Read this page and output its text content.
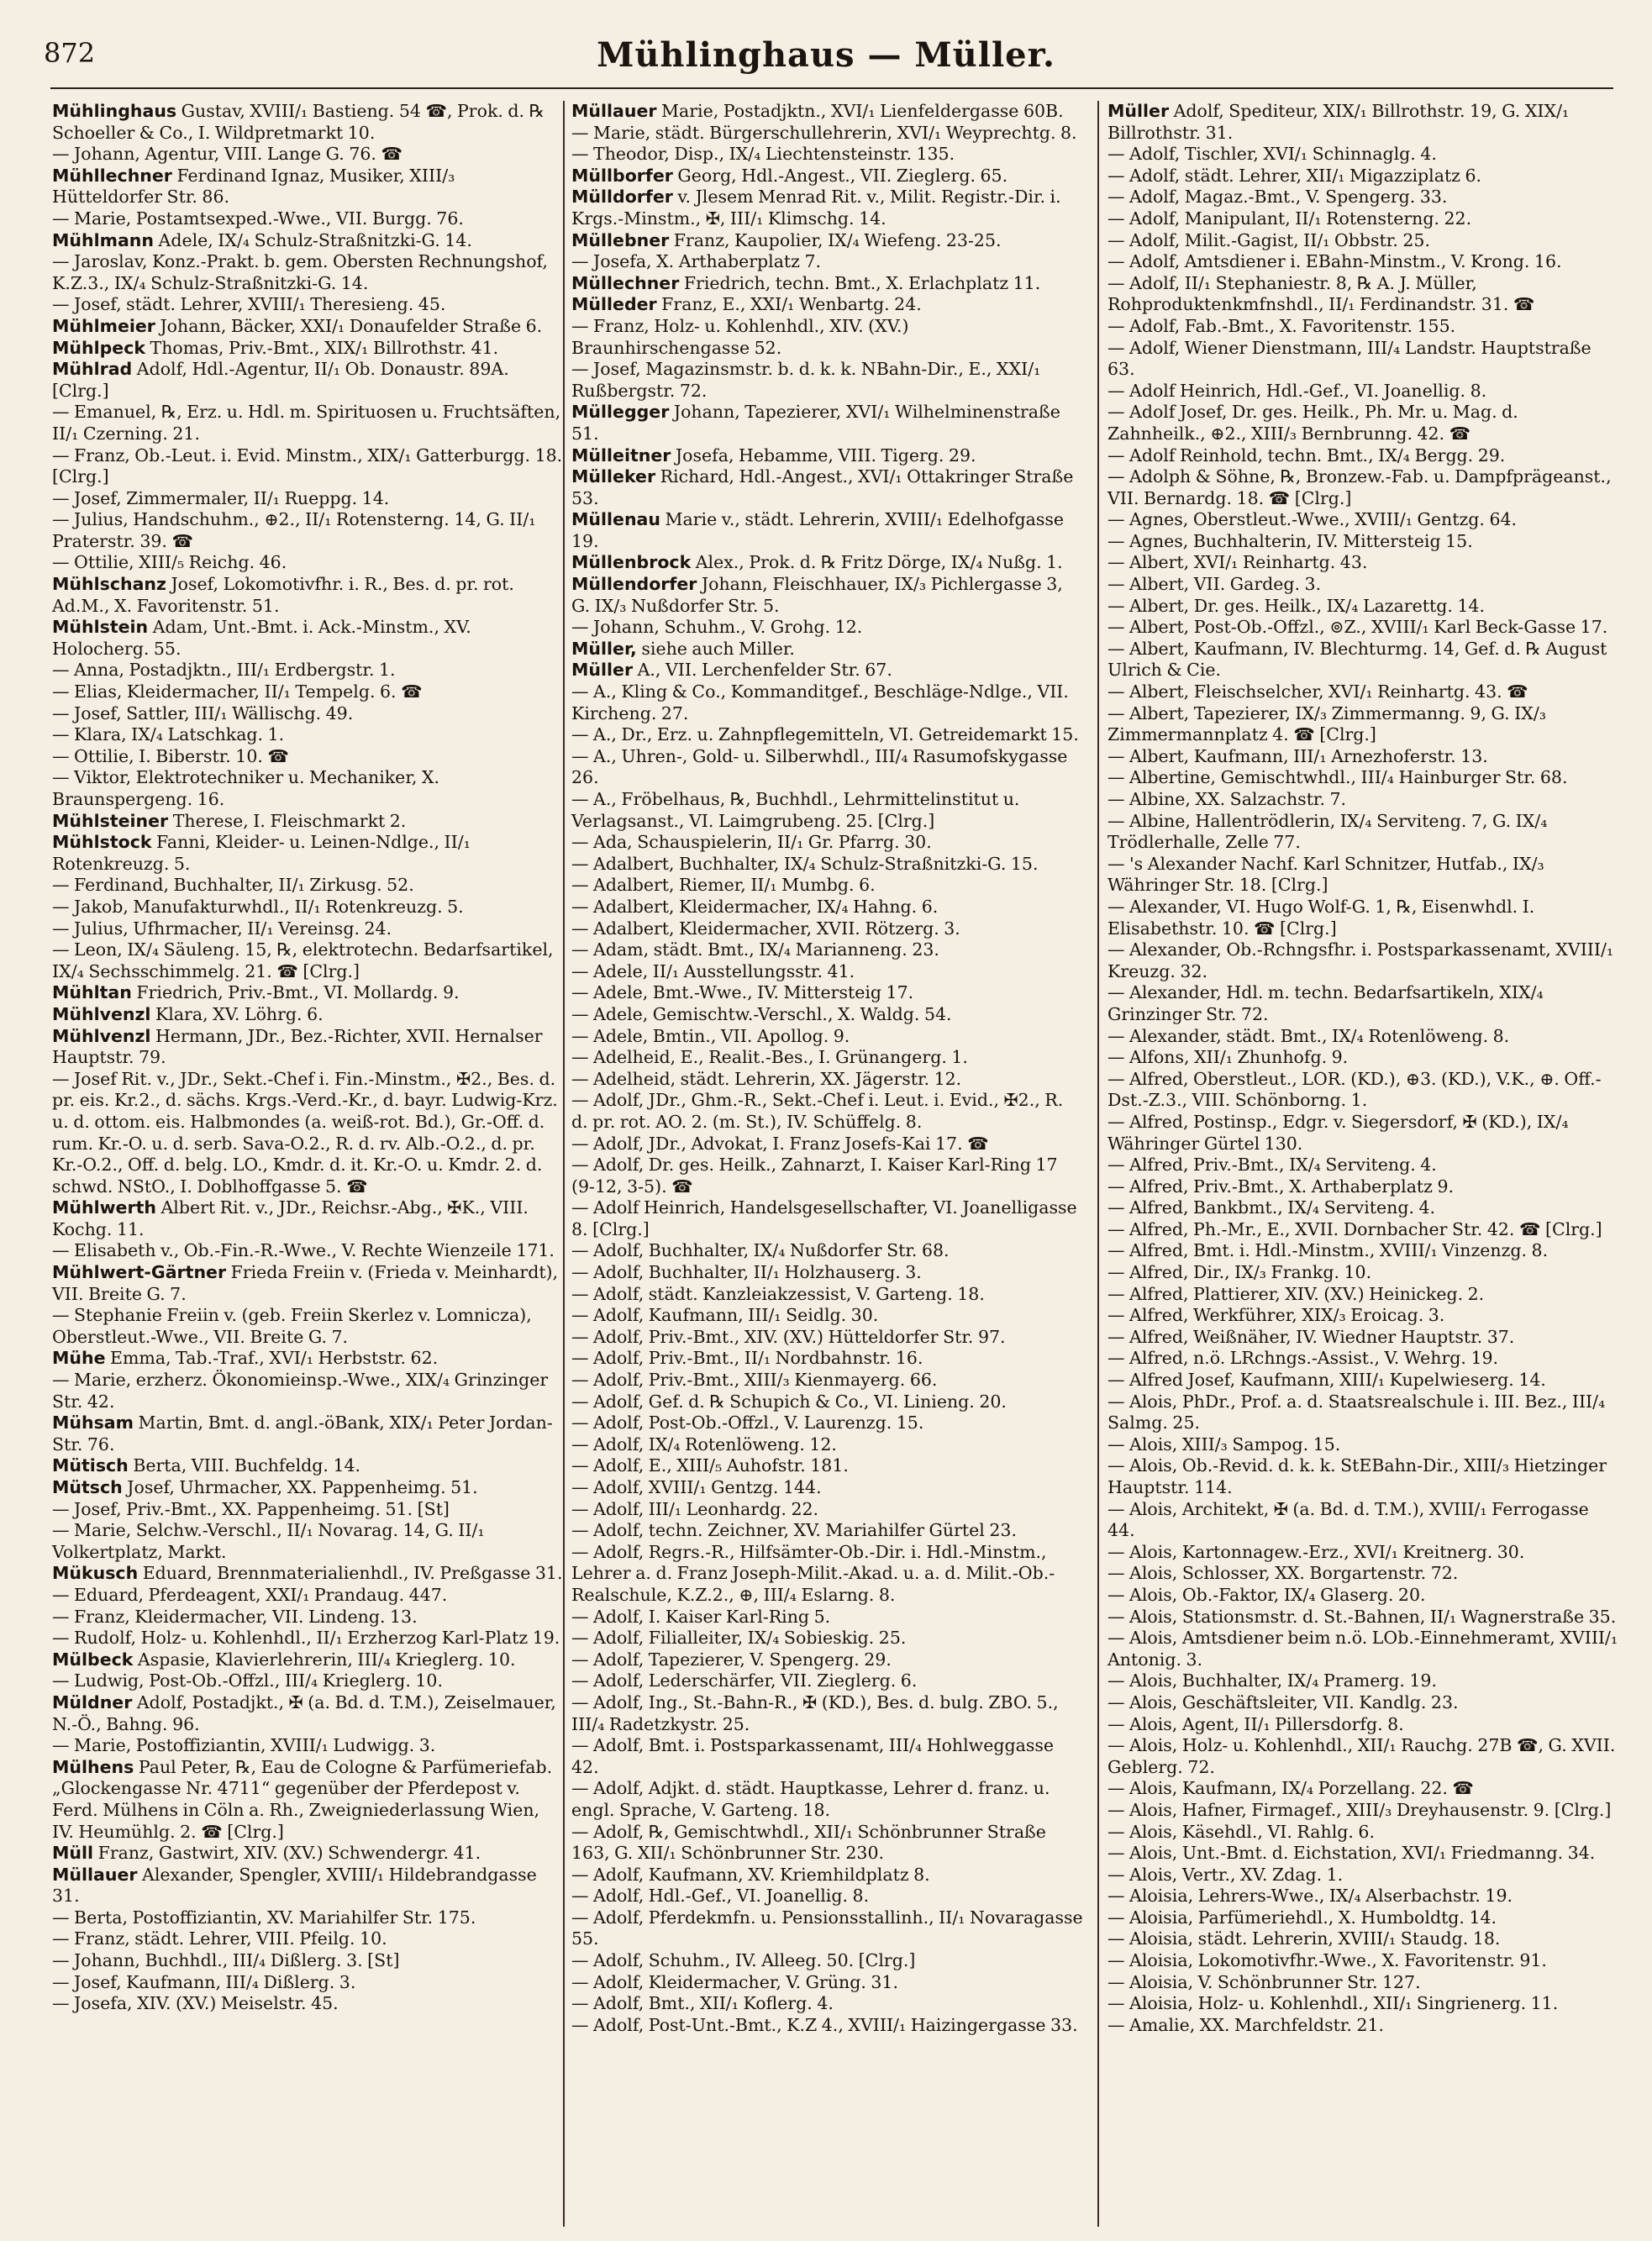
872	Mühlinghaus — Müller.
Mühlinghaus Gustav, XVIII/₁ Bastieng. 54 ☎, Prok. d. ℞ Schoeller & Co., I. Wildpretmarkt 10.
— Johann, Agentur, VIII. Lange G. 76. ☎
Mühllechner Ferdinand Ignaz, Musiker, XIII/₃ Hütteldorfer Str. 86.
— Marie, Postamtsexped.-Wwe., VII. Burgg. 76.
Mühlmann Adele, IX/₄ Schulz-Straßnitzki-G. 14.
— Jaroslav, Konz.-Prakt. b. gem. Obersten Rechnungshof, K.Z.3., IX/₄ Schulz-Straßnitzki-G. 14.
— Josef, städt. Lehrer, XVIII/₁ Theresieng. 45.
Mühlmeier Johann, Bäcker, XXI/₁ Donaufelder Straße 6.
Mühlpeck Thomas, Priv.-Bmt., XIX/₁ Billrothstr. 41.
Mühlrad Adolf, Hdl.-Agentur, II/₁ Ob. Donaustr. 89A. [Clrg.]
— Emanuel, ℞, Erz. u. Hdl. m. Spirituosen u. Fruchtsäften, II/₁ Czerning. 21.
— Franz, Ob.-Leut. i. Evid. Minstm., XIX/₁ Gatterburgg. 18. [Clrg.]
— Josef, Zimmermaler, II/₁ Rueppg. 14.
— Julius, Handschuhm., ⊕2., II/₁ Rotensterng. 14, G. II/₁ Praterstr. 39. ☎
— Ottilie, XIII/₅ Reichg. 46.
Mühlschanz Josef, Lokomotivfhr. i. R., Bes. d. pr. rot. Ad.M., X. Favoritenstr. 51.
Mühlstein Adam, Unt.-Bmt. i. Ack.-Minstm., XV. Holocherg. 55.
— Anna, Postadjktn., III/₁ Erdbergstr. 1.
— Elias, Kleidermacher, II/₁ Tempelg. 6. ☎
— Josef, Sattler, III/₁ Wällischg. 49.
— Klara, IX/₄ Latschkag. 1.
— Ottilie, I. Biberstr. 10. ☎
— Viktor, Elektrotechniker u. Mechaniker, X. Braunspergeng. 16.
Mühlsteiner Therese, I. Fleischmarkt 2.
Mühlstock Fanni, Kleider- u. Leinen-Ndlge., II/₁ Rotenkreuzg. 5.
— Ferdinand, Buchhalter, II/₁ Zirkusg. 52.
— Jakob, Manufakturwhdl., II/₁ Rotenkreuzg. 5.
— Julius, Ufhrmacher, II/₁ Vereinsg. 24.
— Leon, IX/₄ Säuleng. 15, ℞, elektrotechn. Bedarfsartikel, IX/₄ Sechsschimmelg. 21. ☎ [Clrg.]
Mühltan Friedrich, Priv.-Bmt., VI. Mollardg. 9.
Mühlvenzl Klara, XV. Löhrg. 6.
Mühlvenzl Hermann, JDr., Bez.-Richter, XVII. Hernalser Hauptstr. 79.
— Josef Rit. v., JDr., Sekt.-Chef i. Fin.-Minstm., ✠2., Bes. d. pr. eis. Kr.2., d. sächs. Krgs.-Verd.-Kr., d. bayr. Ludwig-Krz. u. d. ottom. eis. Halbmondes (a. weiß-rot. Bd.), Gr.-Off. d. rum. Kr.-O. u. d. serb. Sava-O.2., R. d. rv. Alb.-O.2., d. pr. Kr.-O.2., Off. d. belg. LO., Kmdr. d. it. Kr.-O. u. Kmdr. 2. d. schwd. NStO., I. Doblhoffgasse 5. ☎
Mühlwerth Albert Rit. v., JDr., Reichsr.-Abg., ✠K., VIII. Kochg. 11.
— Elisabeth v., Ob.-Fin.-R.-Wwe., V. Rechte Wienzeile 171.
Mühlwert-Gärtner Frieda Freiin v. (Frieda v. Meinhardt), VII. Breite G. 7.
— Stephanie Freiin v. (geb. Freiin Skerlez v. Lomnicza), Oberstleut.-Wwe., VII. Breite G. 7.
Mühe Emma, Tab.-Traf., XVI/₁ Herbststr. 62.
— Marie, erzherz. Ökonomieinsp.-Wwe., XIX/₄ Grinzinger Str. 42.
Mühsam Martin, Bmt. d. angl.-öBank, XIX/₁ Peter Jordan-Str. 76.
Mütisch Berta, VIII. Buchfeldg. 14.
Mütsch Josef, Uhrmacher, XX. Pappenheimg. 51.
— Josef, Priv.-Bmt., XX. Pappenheimg. 51. [St]
— Marie, Selchw.-Verschl., II/₁ Novarag. 14, G. II/₁ Volkertplatz, Markt.
Mükusch Eduard, Brennmaterialienhdl., IV. Preßgasse 31.
— Eduard, Pferdeagent, XXI/₁ Prandaug. 447.
— Franz, Kleidermacher, VII. Lindeng. 13.
— Rudolf, Holz- u. Kohlenhdl., II/₁ Erzherzog Karl-Platz 19.
Mülbeck Aspasie, Klavierlehrerin, III/₄ Krieglerg. 10.
— Ludwig, Post-Ob.-Offzl., III/₄ Krieglerg. 10.
Müldner Adolf, Postadjkt., ✠ (a. Bd. d. T.M.), Zeiselmauer, N.-Ö., Bahng. 96.
— Marie, Postoffiziantin, XVIII/₁ Ludwigg. 3.
Mülhens Paul Peter, ℞, Eau de Cologne & Parfümeriefab. „Glockengasse Nr. 4711“ gegenüber der Pferdepost v. Ferd. Mülhens in Cöln a. Rh., Zweigniederlassung Wien, IV. Heumühlg. 2. ☎ [Clrg.]
Müll Franz, Gastwirt, XIV. (XV.) Schwendergr. 41.
Müllauer Alexander, Spengler, XVIII/₁ Hildebrandgasse 31.
— Berta, Postoffiziantin, XV. Mariahilfer Str. 175.
— Franz, städt. Lehrer, VIII. Pfeilg. 10.
— Johann, Buchhdl., III/₄ Dißlerg. 3. [St]
— Josef, Kaufmann, III/₄ Dißlerg. 3.
— Josefa, XIV. (XV.) Meiselstr. 45.
Müllauer Marie, Postadjktn., XVI/₁ Lienfeldergasse 60B.
— Marie, städt. Bürgerschullehrerin, XVI/₁ Weyprechtg. 8.
— Theodor, Disp., IX/₄ Liechtensteinstr. 135.
Müllborfer Georg, Hdl.-Angest., VII. Zieglerg. 65.
Mülldorfer v. Jlesem Menrad Rit. v., Milit. Registr.-Dir. i. Krgs.-Minstm., ✠, III/₁ Klimschg. 14.
Müllebner Franz, Kaupolier, IX/₄ Wiefeng. 23-25.
— Josefa, X. Arthaberplatz 7.
Müllechner Friedrich, techn. Bmt., X. Erlachplatz 11.
Mülleder Franz, E., XXI/₁ Wenbartg. 24.
— Franz, Holz- u. Kohlenhdl., XIV. (XV.) Braunhirschengasse 52.
— Josef, Magazinsmstr. b. d. k. k. NBahn-Dir., E., XXI/₁ Rußbergstr. 72.
Müllegger Johann, Tapezierer, XVI/₁ Wilhelminenstraße 51.
Mülleitner Josefa, Hebamme, VIII. Tigerg. 29.
Mülleker Richard, Hdl.-Angest., XVI/₁ Ottakringer Straße 53.
Müllenau Marie v., städt. Lehrerin, XVIII/₁ Edelhofgasse 19.
Müllenbrock Alex., Prok. d. ℞ Fritz Dörge, IX/₄ Nußg. 1.
Müllendorfer Johann, Fleischhauer, IX/₃ Pichlergasse 3, G. IX/₃ Nußdorfer Str. 5.
— Johann, Schuhm., V. Grohg. 12.
Müller, siehe auch Miller.
Müller A., VII. Lerchenfelder Str. 67.
— A., Kling & Co., Kommanditgef., Beschläge-Ndlge., VII. Kircheng. 27.
— A., Dr., Erz. u. Zahnpflegemitteln, VI. Getreidemarkt 15.
— A., Uhren-, Gold- u. Silberwhdl., III/₄ Rasumofskygasse 26.
— A., Fröbelhaus, ℞, Buchhdl., Lehrmittelinstitut u. Verlagsanst., VI. Laimgrubeng. 25. [Clrg.]
— Ada, Schauspielerin, II/₁ Gr. Pfarrg. 30.
— Adalbert, Buchhalter, IX/₄ Schulz-Straßnitzki-G. 15.
— Adalbert, Riemer, II/₁ Mumbg. 6.
— Adalbert, Kleidermacher, IX/₄ Hahng. 6.
— Adalbert, Kleidermacher, XVII. Rötzerg. 3.
— Adam, städt. Bmt., IX/₄ Marianneng. 23.
— Adele, II/₁ Ausstellungsstr. 41.
— Adele, Bmt.-Wwe., IV. Mittersteig 17.
— Adele, Gemischtw.-Verschl., X. Waldg. 54.
— Adele, Bmtin., VII. Apollog. 9.
— Adelheid, E., Realit.-Bes., I. Grünangerg. 1.
— Adelheid, städt. Lehrerin, XX. Jägerstr. 12.
— Adolf, JDr., Ghm.-R., Sekt.-Chef i. Leut. i. Evid., ✠2., R. d. pr. rot. AO. 2. (m. St.), IV. Schüffelg. 8.
— Adolf, JDr., Advokat, I. Franz Josefs-Kai 17. ☎
— Adolf, Dr. ges. Heilk., Zahnarzt, I. Kaiser Karl-Ring 17 (9-12, 3-5). ☎
— Adolf Heinrich, Handelsgesellschafter, VI. Joanelligasse 8. [Clrg.]
— Adolf, Buchhalter, IX/₄ Nußdorfer Str. 68.
— Adolf, Buchhalter, II/₁ Holzhauserg. 3.
— Adolf, städt. Kanzleiakzessist, V. Garteng. 18.
— Adolf, Kaufmann, III/₁ Seidlg. 30.
— Adolf, Priv.-Bmt., XIV. (XV.) Hütteldorfer Str. 97.
— Adolf, Priv.-Bmt., II/₁ Nordbahnstr. 16.
— Adolf, Priv.-Bmt., XIII/₃ Kienmayerg. 66.
— Adolf, Gef. d. ℞ Schupich & Co., VI. Linieng. 20.
— Adolf, Post-Ob.-Offzl., V. Laurenzg. 15.
— Adolf, IX/₄ Rotenlöweng. 12.
— Adolf, E., XIII/₅ Auhofstr. 181.
— Adolf, XVIII/₁ Gentzg. 144.
— Adolf, III/₁ Leonhardg. 22.
— Adolf, techn. Zeichner, XV. Mariahilfer Gürtel 23.
— Adolf, Regrs.-R., Hilfsämter-Ob.-Dir. i. Hdl.-Minstm., Lehrer a. d. Franz Joseph-Milit.-Akad. u. a. d. Milit.-Ob.-Realschule, K.Z.2., ⊕, III/₄ Eslarng. 8.
— Adolf, I. Kaiser Karl-Ring 5.
— Adolf, Filialleiter, IX/₄ Sobieskig. 25.
— Adolf, Tapezierer, V. Spengerg. 29.
— Adolf, Lederschärfer, VII. Zieglerg. 6.
— Adolf, Ing., St.-Bahn-R., ✠ (KD.), Bes. d. bulg. ZBO. 5., III/₄ Radetzkystr. 25.
— Adolf, Bmt. i. Postsparkassenamt, III/₄ Hohlweggasse 42.
— Adolf, Adjkt. d. städt. Hauptkasse, Lehrer d. franz. u. engl. Sprache, V. Garteng. 18.
— Adolf, ℞, Gemischtwhdl., XII/₁ Schönbrunner Straße 163, G. XII/₁ Schönbrunner Str. 230.
— Adolf, Kaufmann, XV. Kriemhildplatz 8.
— Adolf, Hdl.-Gef., VI. Joanellig. 8.
— Adolf, Pferdekmfn. u. Pensionsstallinh., II/₁ Novaragasse 55.
— Adolf, Schuhm., IV. Alleeg. 50. [Clrg.]
— Adolf, Kleidermacher, V. Grüng. 31.
— Adolf, Bmt., XII/₁ Koflerg. 4.
— Adolf, Post-Unt.-Bmt., K.Z 4., XVIII/₁ Haizingergasse 33.
Müller Adolf, Spediteur, XIX/₁ Billrothstr. 19, G. XIX/₁ Billrothstr. 31.
— Adolf, Tischler, XVI/₁ Schinnaglg. 4.
— Adolf, städt. Lehrer, XII/₁ Migazziplatz 6.
— Adolf, Magaz.-Bmt., V. Spengerg. 33.
— Adolf, Manipulant, II/₁ Rotensterng. 22.
— Adolf, Milit.-Gagist, II/₁ Obbstr. 25.
— Adolf, Amtsdiener i. EBahn-Minstm., V. Krong. 16.
— Adolf, II/₁ Stephaniestr. 8, ℞ A. J. Müller, Rohproduktenkmfnshdl., II/₁ Ferdinandstr. 31. ☎
— Adolf, Fab.-Bmt., X. Favoritenstr. 155.
— Adolf, Wiener Dienstmann, III/₄ Landstr. Hauptstraße 63.
— Adolf Heinrich, Hdl.-Gef., VI. Joanellig. 8.
— Adolf Josef, Dr. ges. Heilk., Ph. Mr. u. Mag. d. Zahnheilk., ⊕2., XIII/₃ Bernbrunng. 42. ☎
— Adolf Reinhold, techn. Bmt., IX/₄ Bergg. 29.
— Adolph & Söhne, ℞, Bronzew.-Fab. u. Dampfprägeanst., VII. Bernardg. 18. ☎ [Clrg.]
— Agnes, Oberstleut.-Wwe., XVIII/₁ Gentzg. 64.
— Agnes, Buchhalterin, IV. Mittersteig 15.
— Albert, XVI/₁ Reinhartg. 43.
— Albert, VII. Gardeg. 3.
— Albert, Dr. ges. Heilk., IX/₄ Lazarettg. 14.
— Albert, Post-Ob.-Offzl., ⊚Z., XVIII/₁ Karl Beck-Gasse 17.
— Albert, Kaufmann, IV. Blechturmg. 14, Gef. d. ℞ August Ulrich & Cie.
— Albert, Fleischselcher, XVI/₁ Reinhartg. 43. ☎
— Albert, Tapezierer, IX/₃ Zimmermanng. 9, G. IX/₃ Zimmermannplatz 4. ☎ [Clrg.]
— Albert, Kaufmann, III/₁ Arnezhoferstr. 13.
— Albertine, Gemischtwhdl., III/₄ Hainburger Str. 68.
— Albine, XX. Salzachstr. 7.
— Albine, Hallentrödlerin, IX/₄ Serviteng. 7, G. IX/₄ Trödlerhalle, Zelle 77.
— 's Alexander Nachf. Karl Schnitzer, Hutfab., IX/₃ Währinger Str. 18. [Clrg.]
— Alexander, VI. Hugo Wolf-G. 1, ℞, Eisenwhdl. I. Elisabethstr. 10. ☎ [Clrg.]
— Alexander, Ob.-Rchngsfhr. i. Postsparkassenamt, XVIII/₁ Kreuzg. 32.
— Alexander, Hdl. m. techn. Bedarfsartikeln, XIX/₄ Grinzinger Str. 72.
— Alexander, städt. Bmt., IX/₄ Rotenlöweng. 8.
— Alfons, XII/₁ Zhunhofg. 9.
— Alfred, Oberstleut., LOR. (KD.), ⊕3. (KD.), V.K., ⊕. Off.-Dst.-Z.3., VIII. Schönborng. 1.
— Alfred, Postinsp., Edgr. v. Siegersdorf, ✠ (KD.), IX/₄ Währinger Gürtel 130.
— Alfred, Priv.-Bmt., IX/₄ Serviteng. 4.
— Alfred, Priv.-Bmt., X. Arthaberplatz 9.
— Alfred, Bankbmt., IX/₄ Serviteng. 4.
— Alfred, Ph.-Mr., E., XVII. Dornbacher Str. 42. ☎ [Clrg.]
— Alfred, Bmt. i. Hdl.-Minstm., XVIII/₁ Vinzenzg. 8.
— Alfred, Dir., IX/₃ Frankg. 10.
— Alfred, Plattierer, XIV. (XV.) Heinickeg. 2.
— Alfred, Werkführer, XIX/₃ Eroicag. 3.
— Alfred, Weißnäher, IV. Wiedner Hauptstr. 37.
— Alfred, n.ö. LRchngs.-Assist., V. Wehrg. 19.
— Alfred Josef, Kaufmann, XIII/₁ Kupelwieserg. 14.
— Alois, PhDr., Prof. a. d. Staatsrealschule i. III. Bez., III/₄ Salmg. 25.
— Alois, XIII/₃ Sampog. 15.
— Alois, Ob.-Revid. d. k. k. StEBahn-Dir., XIII/₃ Hietzinger Hauptstr. 114.
— Alois, Architekt, ✠ (a. Bd. d. T.M.), XVIII/₁ Ferrogasse 44.
— Alois, Kartonnagew.-Erz., XVI/₁ Kreitnerg. 30.
— Alois, Schlosser, XX. Borgartenstr. 72.
— Alois, Ob.-Faktor, IX/₄ Glaserg. 20.
— Alois, Stationsmstr. d. St.-Bahnen, II/₁ Wagnerstraße 35.
— Alois, Amtsdiener beim n.ö. LOb.-Einnehmeramt, XVIII/₁ Antonig. 3.
— Alois, Buchhalter, IX/₄ Pramerg. 19.
— Alois, Geschäftsleiter, VII. Kandlg. 23.
— Alois, Agent, II/₁ Pillersdorfg. 8.
— Alois, Holz- u. Kohlenhdl., XII/₁ Rauchg. 27B ☎, G. XVII. Geblerg. 72.
— Alois, Kaufmann, IX/₄ Porzellang. 22. ☎
— Alois, Hafner, Firmagef., XIII/₃ Dreyhausenstr. 9. [Clrg.]
— Alois, Käsehdl., VI. Rahlg. 6.
— Alois, Unt.-Bmt. d. Eichstation, XVI/₁ Friedmanng. 34.
— Alois, Vertr., XV. Zdag. 1.
— Aloisia, Lehrers-Wwe., IX/₄ Alserbachstr. 19.
— Aloisia, Parfümeriehdl., X. Humboldtg. 14.
— Aloisia, städt. Lehrerin, XVIII/₁ Staudg. 18.
— Aloisia, Lokomotivfhr.-Wwe., X. Favoritenstr. 91.
— Aloisia, V. Schönbrunner Str. 127.
— Aloisia, Holz- u. Kohlenhdl., XII/₁ Singrienerg. 11.
— Amalie, XX. Marchfeldstr. 21.
